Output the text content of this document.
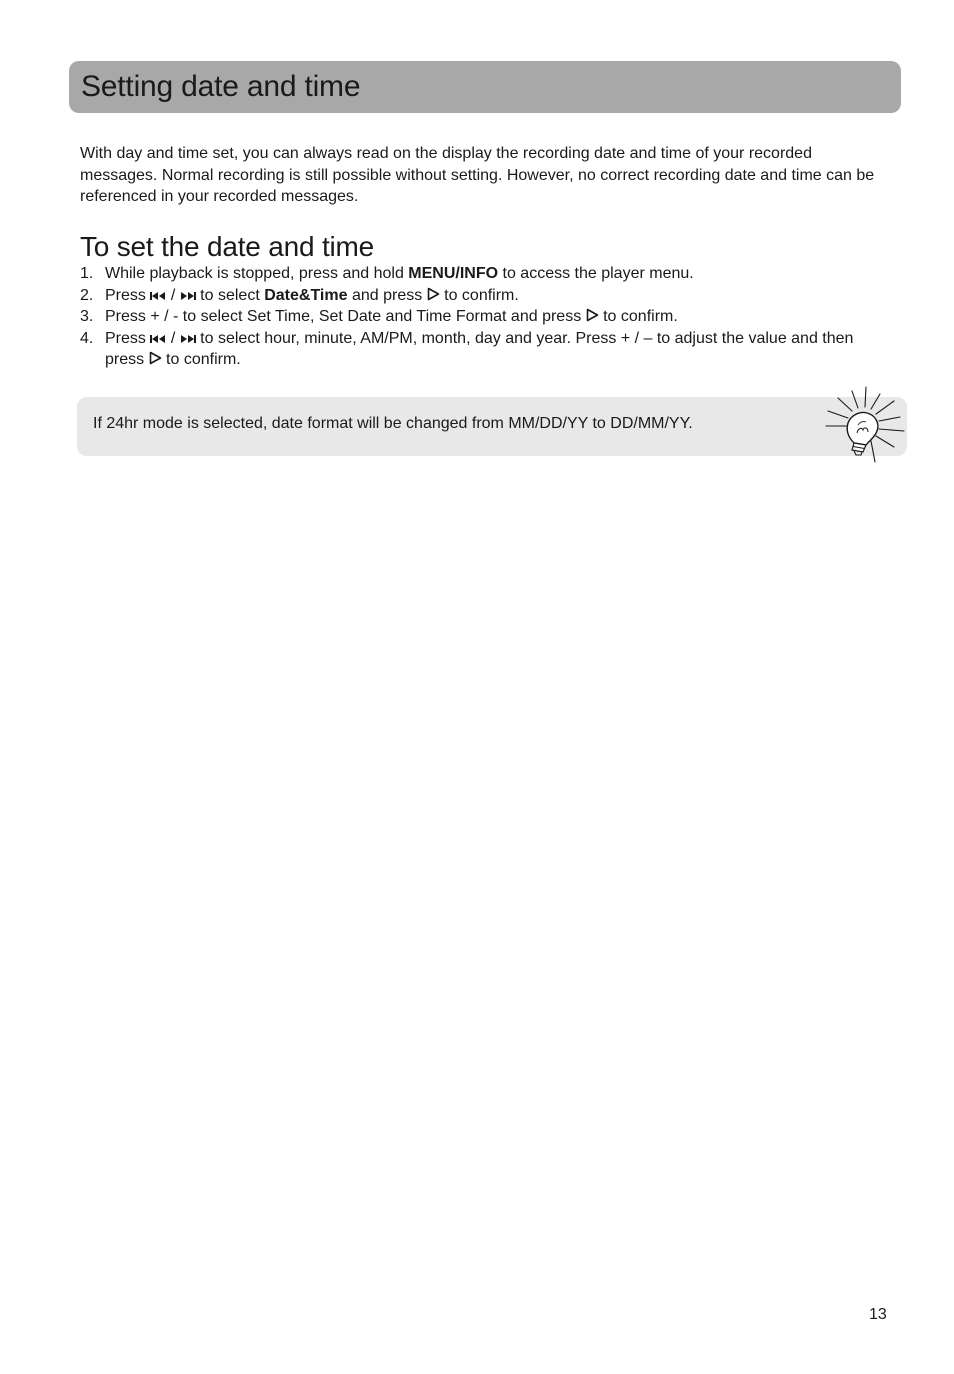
Setting date and time

With day and time set, you can always read on the display the recording date and time of your recorded messages. Normal recording is still possible without setting. However, no correct recording date and time can be referenced in your recorded messages.

To set the date and time
1. While playback is stopped, press and hold MENU/INFO to access the player menu.
2. Press / to select Date&Time and press to confirm.
3. Press + / - to select Set Time, Set Date and Time Format and press to confirm.
4. Press / to select hour, minute, AM/PM, month, day and year. Press + / – to adjust the value and then press to confirm.
If 24hr mode is selected, date format will be changed from MM/DD/YY to DD/MM/YY.
13
